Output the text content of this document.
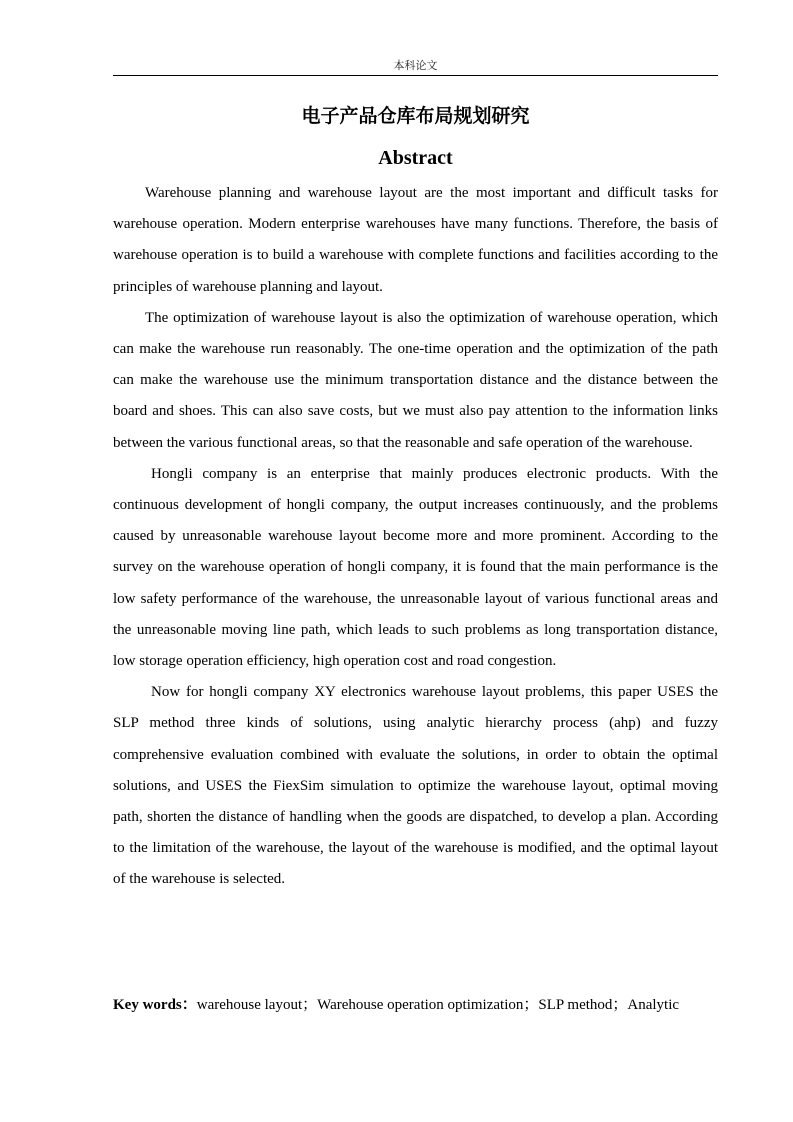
本科论文
电子产品仓库布局规划研究
Abstract

Warehouse planning and warehouse layout are the most important and difficult tasks for warehouse operation. Modern enterprise warehouses have many functions. Therefore, the basis of warehouse operation is to build a warehouse with complete functions and facilities according to the principles of warehouse planning and layout.

The optimization of warehouse layout is also the optimization of warehouse operation, which can make the warehouse run reasonably. The one-time operation and the optimization of the path can make the warehouse use the minimum transportation distance and the distance between the board and shoes. This can also save costs, but we must also pay attention to the information links between the various functional areas, so that the reasonable and safe operation of the warehouse.

Hongli company is an enterprise that mainly produces electronic products. With the continuous development of hongli company, the output increases continuously, and the problems caused by unreasonable warehouse layout become more and more prominent. According to the survey on the warehouse operation of hongli company, it is found that the main performance is the low safety performance of the warehouse, the unreasonable layout of various functional areas and the unreasonable moving line path, which leads to such problems as long transportation distance, low storage operation efficiency, high operation cost and road congestion.

Now for hongli company XY electronics warehouse layout problems, this paper USES the SLP method three kinds of solutions, using analytic hierarchy process (ahp) and fuzzy comprehensive evaluation combined with evaluate the solutions, in order to obtain the optimal solutions, and USES the FiexSim simulation to optimize the warehouse layout, optimal moving path, shorten the distance of handling when the goods are dispatched, to develop a plan. According to the limitation of the warehouse, the layout of the warehouse is modified, and the optimal layout of the warehouse is selected.

Key words：warehouse layout；Warehouse operation optimization；SLP method；Analytic
